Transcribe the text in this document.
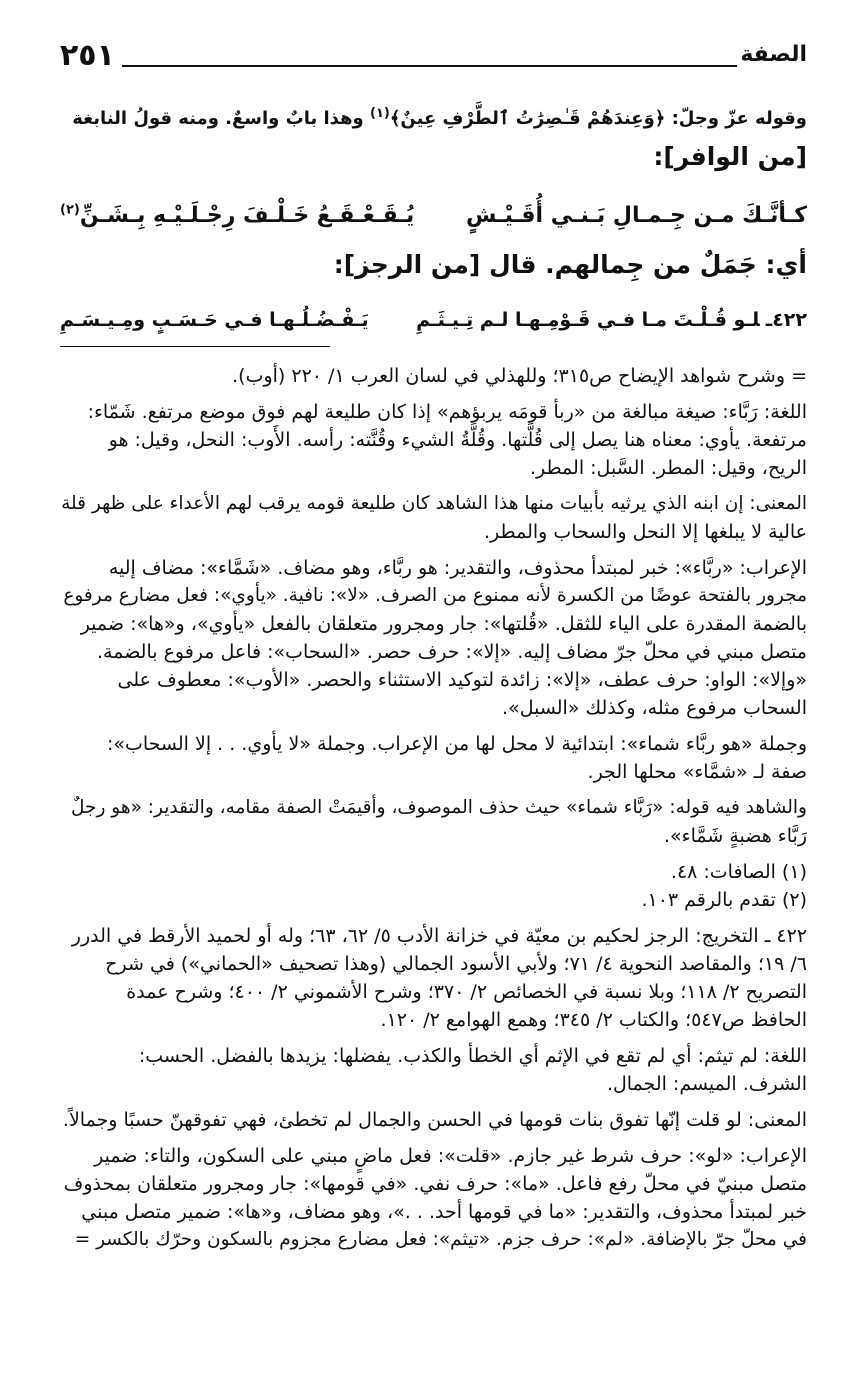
الصفة
٢٥١
وقوله عزّ وجلّ: ﴿وَعِندَهُمْ قَـٰصِرَٰتُ ٱلطَّرْفِ عِينٌ﴾$^{(١)}$ وهذا بابٌ واسعٌ. ومنه قولُ النابغة
[من الوافر]:
كـأنَّـكَ مـن جِـمـالِ بَـنـي أُقَـيْـشٍ
يُـقَـعْـقَـعُ خَـلْـفَ رِجْـلَـيْـهِ بِـشَـنِّ$^{(٢)}$
أي: جَمَلٌ من جِمالهم. قال [من الرجز]:
٤٢٢ـلـو قُـلْـتَ مـا فـي قَـوْمِـهـا لـم تِـيـثَـمِ
يَـفْـضُـلُـهـا فـي حَـسَـبٍ ومِـيـسَـمِ
= وشرح شواهد الإيضاح ص٣١٥؛ وللهذلي في لسان العرب ١/ ٢٢٠ (أوب).
اللغة: رَبَّاء: صيغة مبالغة من «ربأ قومَه يربؤهم» إذا كان طليعة لهم فوق موضع مرتفع. شَمّاء:
مرتفعة. يأوي: معناه هنا يصل إلى قُلَّتها. وقُلَّةُ الشيء وقُنَّته: رأسه. الأَوب: النحل، وقيل: هو
الريح، وقيل: المطر. السَّبل: المطر.
المعنى: إن ابنه الذي يرثيه بأبيات منها هذا الشاهد كان طليعة قومه يرقب لهم الأعداء على ظهر قلة
عالية لا يبلغها إلا النحل والسحاب والمطر.
الإعراب: «ربَّاء»: خبر لمبتدأ محذوف، والتقدير: هو ربَّاء، وهو مضاف. «شَمَّاء»: مضاف إليه
مجرور بالفتحة عوضًا من الكسرة لأنه ممنوع من الصرف. «لا»: نافية. «يأوي»: فعل مضارع مرفوع
بالضمة المقدرة على الياء للثقل. «قُلتها»: جار ومجرور متعلقان بالفعل «يأوي»، و«ها»: ضمير
متصل مبني في محلّ جرّ مضاف إليه. «إلا»: حرف حصر. «السحاب»: فاعل مرفوع بالضمة.
«وإلا»: الواو: حرف عطف، «إلا»: زائدة لتوكيد الاستثناء والحصر. «الأوب»: معطوف على
السحاب مرفوع مثله، وكذلك «السبل».
وجملة «هو ربَّاء شماء»: ابتدائية لا محل لها من الإعراب. وجملة «لا يأوي. . . إلا السحاب»:
صفة لـ «شمَّاء» محلها الجر.
والشاهد فيه قوله: «رَبَّاء شماء» حيث حذف الموصوف، وأقيمَتْ الصفة مقامه، والتقدير: «هو رجلٌ
رَبَّاء هضبةٍ شَمَّاء».
(١) الصافات: ٤٨.
(٢) تقدم بالرقم ١٠٣.
٤٢٢ ـ التخريج: الرجز لحكيم بن معيّة في خزانة الأدب ٥/ ٦٢، ٦٣؛ وله أو لحميد الأرقط في الدرر
٦/ ١٩؛ والمقاصد النحوية ٤/ ٧١؛ ولأبي الأسود الجمالي (وهذا تصحيف «الحماني») في شرح
التصريح ٢/ ١١٨؛ وبلا نسبة في الخصائص ٢/ ٣٧٠؛ وشرح الأشموني ٢/ ٤٠٠؛ وشرح عمدة
الحافظ ص٥٤٧؛ والكتاب ٢/ ٣٤٥؛ وهمع الهوامع ٢/ ١٢٠.
اللغة: لم تيثم: أي لم تقع في الإثم أي الخطأ والكذب. يفضلها: يزيدها بالفضل. الحسب:
الشرف. الميسم: الجمال.
المعنى: لو قلت إنّها تفوق بنات قومها في الحسن والجمال لم تخطئ، فهي تفوقهنّ حسبًا وجمالاً.
الإعراب: «لو»: حرف شرط غير جازم. «قلت»: فعل ماضٍ مبني على السكون، والتاء: ضمير
متصل مبنيّ في محلّ رفع فاعل. «ما»: حرف نفي. «في قومها»: جار ومجرور متعلقان بمحذوف
خبر لمبتدأ محذوف، والتقدير: «ما في قومها أحد. . .»، وهو مضاف، و«ها»: ضمير متصل مبني
في محلّ جرّ بالإضافة. «لم»: حرف جزم. «تيثم»: فعل مضارع مجزوم بالسكون وحرّك بالكسر =
